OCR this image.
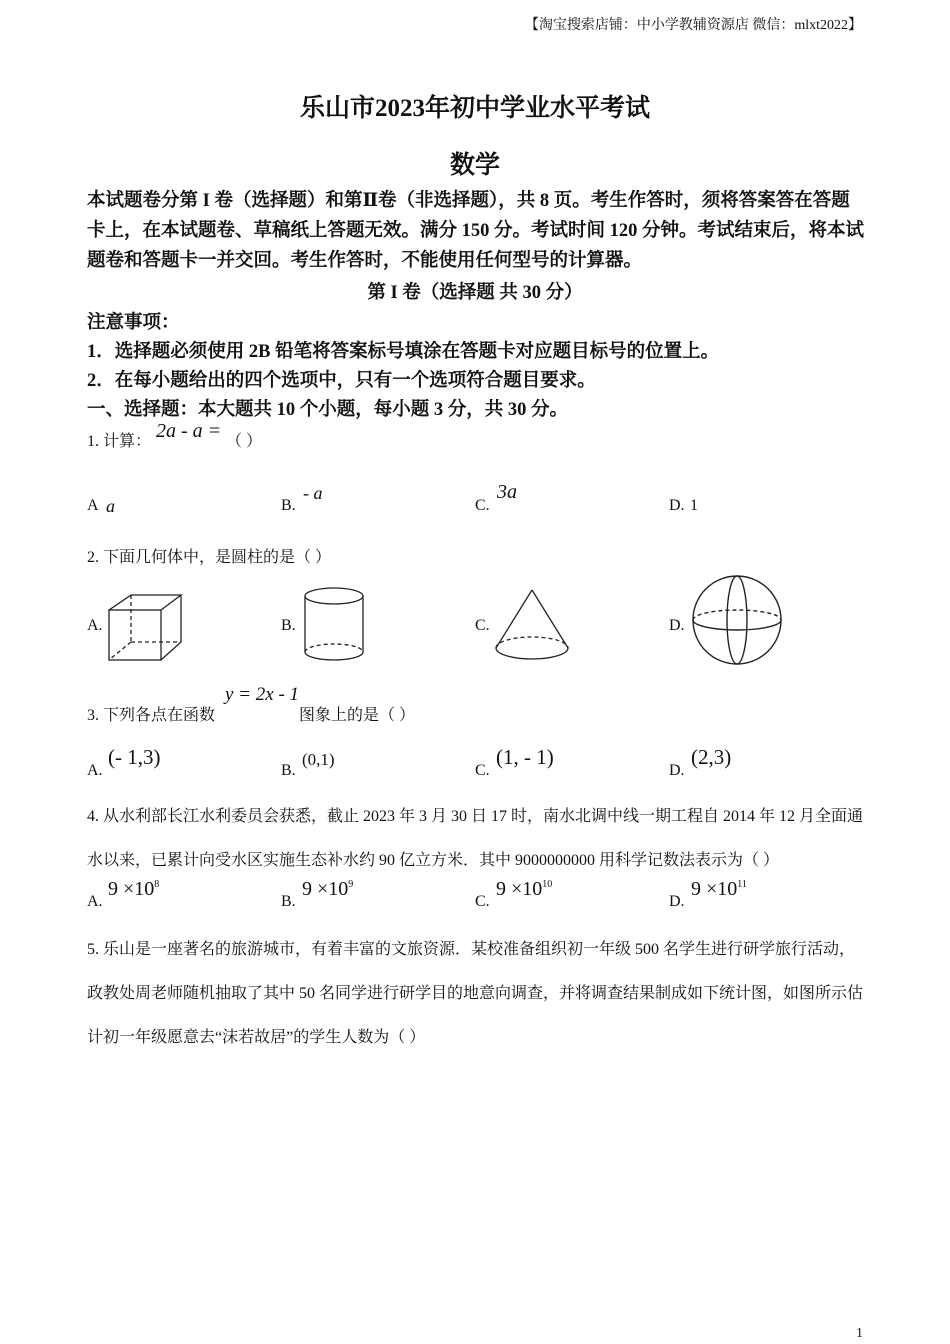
【淘宝搜索店铺：中小学教辅资源店 微信：mlxt2022】
乐山市2023年初中学业水平考试
数学
本试题卷分第 I 卷（选择题）和第Ⅱ卷（非选择题），共 8 页。考生作答时，须将答案答在答题卡上，在本试题卷、草稿纸上答题无效。满分 150 分。考试时间 120 分钟。考试结束后，将本试题卷和答题卡一并交回。考生作答时，不能使用任何型号的计算器。
第 I 卷（选择题 共 30 分）
注意事项：
1．选择题必须使用 2B 铅笔将答案标号填涂在答题卡对应题目标号的位置上。
2．在每小题给出的四个选项中，只有一个选项符合题目要求。
一、选择题：本大题共 10 个小题，每小题 3 分，共 30 分。
1. 计算： 2a - a = （ ）
A a	B.
- a
C.
3a
D. 1
2. 下面几何体中，是圆柱的是（ ）
A.	B.	C.	D.
3. 下列各点在函数
y = 2x - 1
图象上的是（ ）
A.
(- 1,3)
B.
(0,1)
C.
(1, - 1)
D.
(2,3)
4. 从水利部长江水利委员会获悉，截止 2023 年 3 月 30 日 17 时，南水北调中线一期工程自 2014 年 12 月全面通水以来，已累计向受水区实施生态补水约 90 亿立方米．其中 9000000000 用科学记数法表示为（ ）
A.
$9 \times 10^8$
B.
$9 \times 10^9$
C.
$9 \times 10^{10}$
D.
$9 \times 10^{11}$
5. 乐山是一座著名的旅游城市，有着丰富的文旅资源．某校准备组织初一年级 500 名学生进行研学旅行活动，政教处周老师随机抽取了其中 50 名同学进行研学目的地意向调查，并将调查结果制成如下统计图，如图所示估计初一年级愿意去“沫若故居”的学生人数为（ ）
1
